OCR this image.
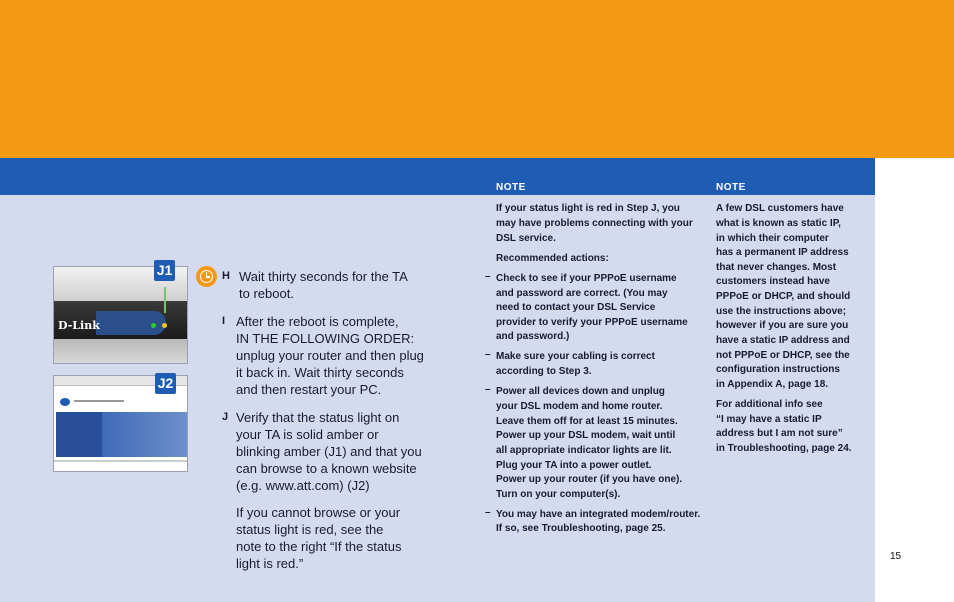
D-Link
J1
J2
H Wait thirty seconds for the TA
to reboot.
I After the reboot is complete,
IN THE FOLLOWING ORDER:
unplug your router and then plug
it back in. Wait thirty seconds
and then restart your PC.
J Verify that the status light on
your TA is solid amber or
blinking amber (J1) and that you
can browse to a known website
(e.g. www.att.com) (J2)
If you cannot browse or your
status light is red, see the
note to the right “If the status
light is red.”
NOTE
If your status light is red in Step J, you
may have problems connecting with your
DSL service.
Recommended actions:
– Check to see if your PPPoE username
and password are correct. (You may
need to contact your DSL Service
provider to verify your PPPoE username
and password.)
– Make sure your cabling is correct
according to Step 3.
– Power all devices down and unplug
your DSL modem and home router.
Leave them off for at least 15 minutes.
Power up your DSL modem, wait until
all appropriate indicator lights are lit.
Plug your TA into a power outlet.
Power up your router (if you have one).
Turn on your computer(s).
– You may have an integrated modem/router.
If so, see Troubleshooting, page 25.
NOTE
A few DSL customers have
what is known as static IP,
in which their computer
has a permanent IP address
that never changes. Most
customers instead have
PPPoE or DHCP, and should
use the instructions above;
however if you are sure you
have a static IP address and
not PPPoE or DHCP, see the
configuration instructions
in Appendix A, page 18.
For additional info see
“I may have a static IP
address but I am not sure”
in Troubleshooting, page 24.
15
